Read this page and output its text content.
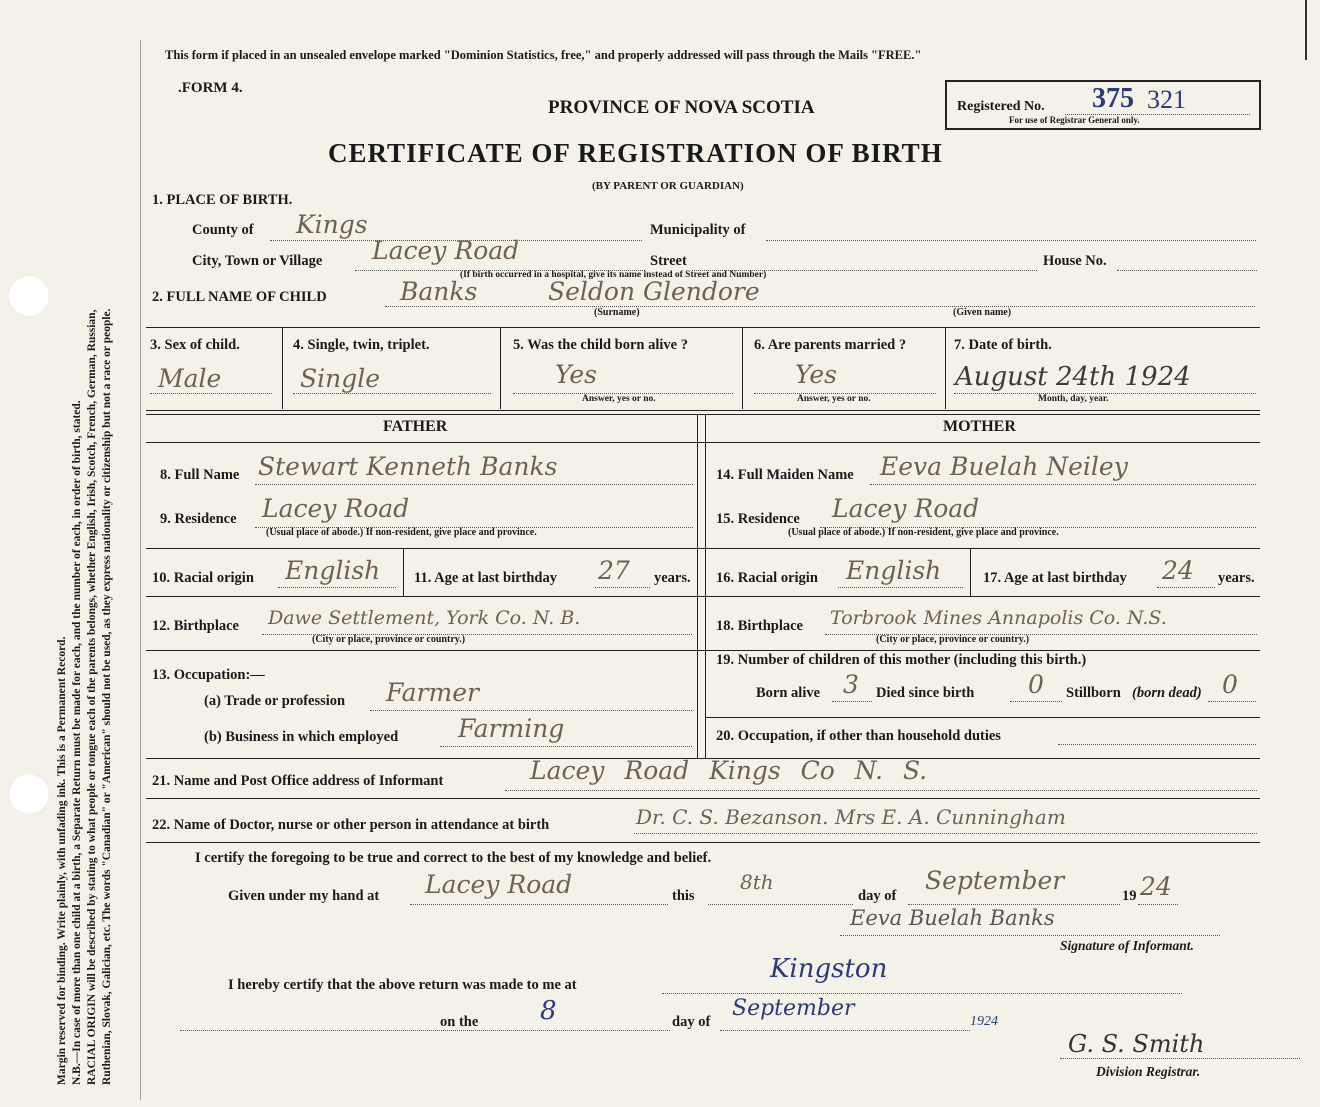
Margin reserved for binding. Write plainly, with unfading ink. This is a Permanent Record. N.B.—In case of more than one child at a birth, a Separate Return must be made for each, and the number of each, in order of birth, stated. RACIAL ORIGIN will be described by stating to what people or tongue each of the parents belongs, whether English, Irish, Scotch, French, German, Russian, Ruthenian, Slovak, Galician, etc. The words "Canadian" or "American" should not be used, as they express nationality or citizenship but not a race or people.
This form if placed in an unsealed envelope marked "Dominion Statistics, free," and properly addressed will pass through the Mails "FREE."
.FORM 4.
PROVINCE OF NOVA SCOTIA
CERTIFICATE OF REGISTRATION OF BIRTH
(BY PARENT OR GUARDIAN)
Registered No. 375 321
For use of Registrar General only.
1. PLACE OF BIRTH.
County of Kings	Municipality of
City, Town or Village Lacey Road	Street	House No.
(If birth occurred in a hospital, give its name instead of Street and Number)
2. FULL NAME OF CHILD	Banks	Seldon Glendore
(Surname)	(Given name)
3. Sex of child.
Male
4. Single, twin, triplet.
Single
5. Was the child born alive ?
Yes
Answer, yes or no.
6. Are parents married ?
Yes
Answer, yes or no.
7. Date of birth.
August 24th 1924
Month, day, year.
FATHER	MOTHER
8. Full Name Stewart Kenneth Banks	14. Full Maiden Name Eeva Buelah Neiley
9. Residence Lacey Road
(Usual place of abode.) If non-resident, give place and province.
15. Residence Lacey Road
(Usual place of abode.) If non-resident, give place and province.
10. Racial origin English 11. Age at last birthday 27 years. 16. Racial origin English	17. Age at last birthday 24 years.
12. Birthplace Dawe Settlement, York Co. N. B.
(City or place, province or country.)
18. Birthplace Torbrook Mines Annapolis Co. N.S.
(City or place, province or country.)
13. Occupation:—
(a) Trade or profession Farmer
(b) Business in which employed Farming
19. Number of children of this mother (including this birth.)
Born alive 3 Died since birth 0 Stillborn (born dead) 0
20. Occupation, if other than household duties
21. Name and Post Office address of Informant	Lacey Road Kings Co N. S.
22. Name of Doctor, nurse or other person in attendance at birth	Dr. C. S. Bezanson. Mrs E. A. Cunningham
I certify the foregoing to be true and correct to the best of my knowledge and belief.
Given under my hand at Lacey Road	this
8th
day of
September
19 24
Eeva Buelah Banks
Signature of Informant.
I hereby certify that the above return was made to me at
Kingston
on the 8	day of
September
1924
G. S. Smith
Division Registrar.
